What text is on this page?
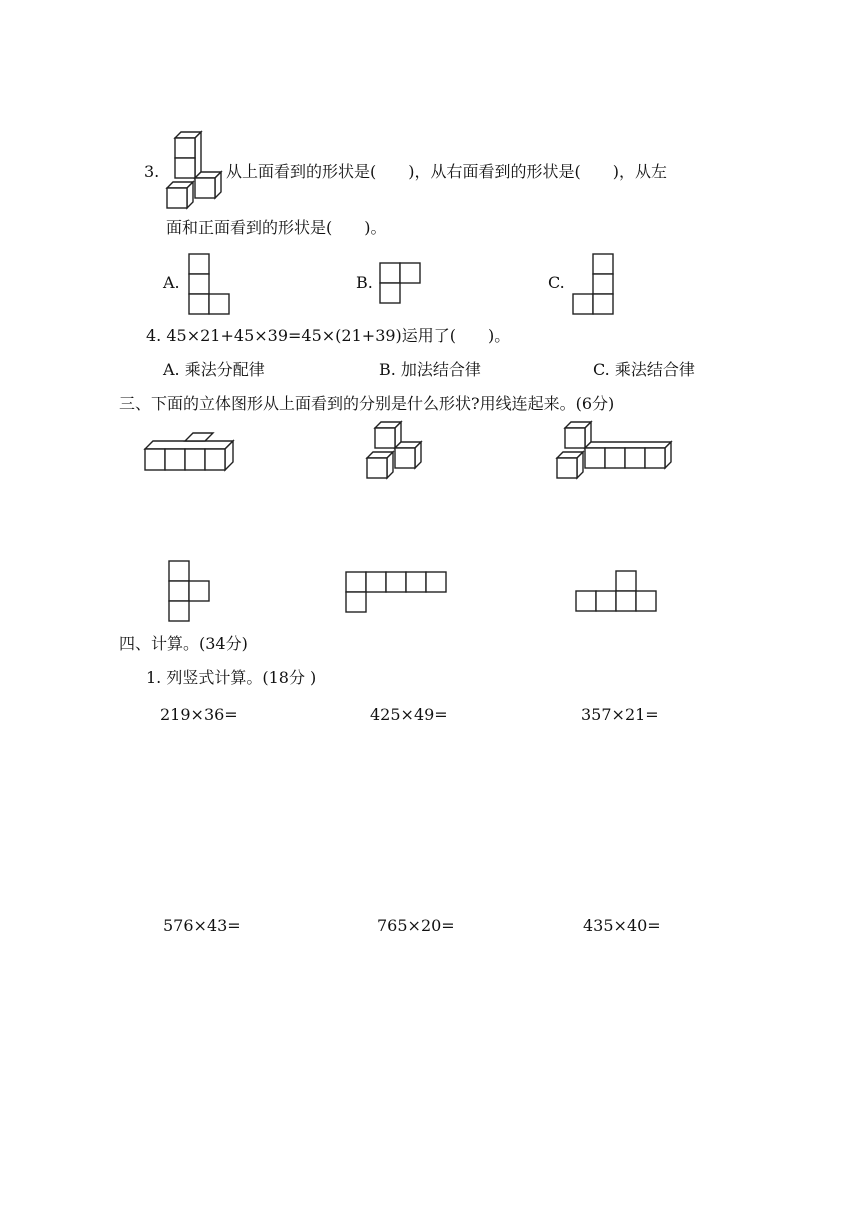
3.	从上面看到的形状是(　　)，从右面看到的形状是(　　)，从左
面和正面看到的形状是(　　)。
A.	B.	C.
4. 45×21+45×39=45×(21+39)运用了(　　)。
A. 乘法分配律	B. 加法结合律	C. 乘法结合律
三、下面的立体图形从上面看到的分别是什么形状?用线连起来。(6分)
四、计算。(34分)
1. 列竖式计算。(18分 )
219×36=	425×49=	357×21=
576×43=	765×20=	435×40=
